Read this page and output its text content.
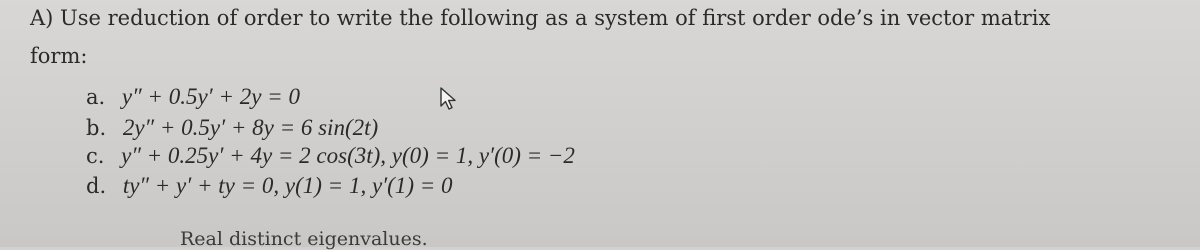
A) Use reduction of order to write the following as a system of first order ode’s in vector matrix
form:
a. y″ + 0.5y′ + 2y = 0
b. 2y″ + 0.5y′ + 8y = 6 sin(2t)
c. y″ + 0.25y′ + 4y = 2 cos(3t), y(0) = 1, y′(0) = −2
d. ty″ + y′ + ty = 0, y(1) = 1, y′(1) = 0
Real distinct eigenvalues.
